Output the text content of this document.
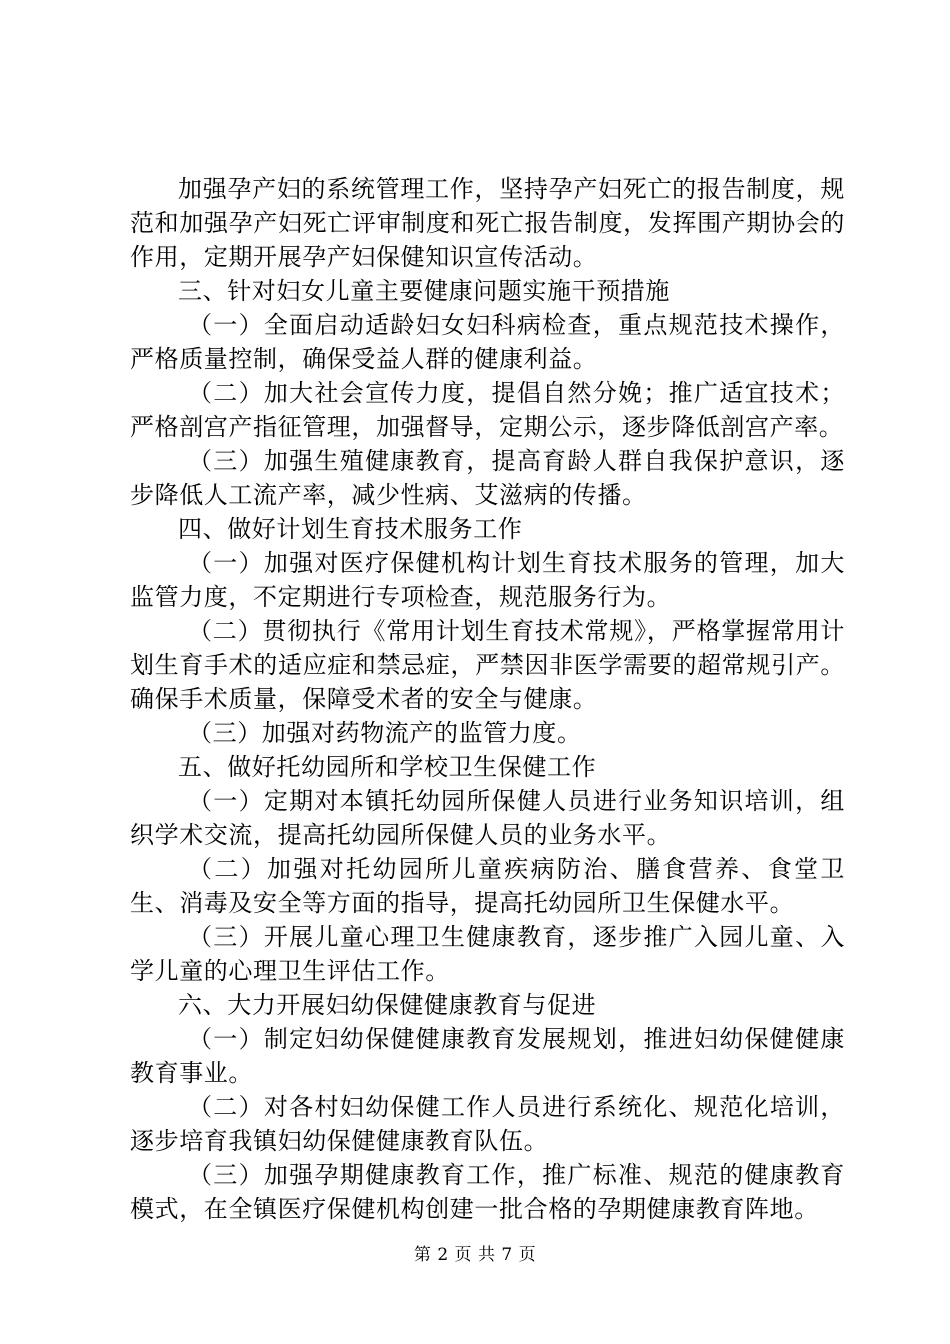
加强孕产妇的系统管理工作，坚持孕产妇死亡的报告制度，规范和加强孕产妇死亡评审制度和死亡报告制度，发挥围产期协会的作用，定期开展孕产妇保健知识宣传活动。

三、针对妇女儿童主要健康问题实施干预措施

（一）全面启动适龄妇女妇科病检查，重点规范技术操作，严格质量控制，确保受益人群的健康利益。

（二）加大社会宣传力度，提倡自然分娩；推广适宜技术；严格剖宫产指征管理，加强督导，定期公示，逐步降低剖宫产率。

（三）加强生殖健康教育，提高育龄人群自我保护意识，逐步降低人工流产率，减少性病、艾滋病的传播。

四、做好计划生育技术服务工作

（一）加强对医疗保健机构计划生育技术服务的管理，加大监管力度，不定期进行专项检查，规范服务行为。

（二）贯彻执行《常用计划生育技术常规》，严格掌握常用计划生育手术的适应症和禁忌症，严禁因非医学需要的超常规引产。确保手术质量，保障受术者的安全与健康。

（三）加强对药物流产的监管力度。

五、做好托幼园所和学校卫生保健工作

（一）定期对本镇托幼园所保健人员进行业务知识培训，组织学术交流，提高托幼园所保健人员的业务水平。

（二）加强对托幼园所儿童疾病防治、膳食营养、食堂卫生、消毒及安全等方面的指导，提高托幼园所卫生保健水平。

（三）开展儿童心理卫生健康教育，逐步推广入园儿童、入学儿童的心理卫生评估工作。

六、大力开展妇幼保健健康教育与促进

（一）制定妇幼保健健康教育发展规划，推进妇幼保健健康教育事业。

（二）对各村妇幼保健工作人员进行系统化、规范化培训，逐步培育我镇妇幼保健健康教育队伍。

（三）加强孕期健康教育工作，推广标准、规范的健康教育模式，在全镇医疗保健机构创建一批合格的孕期健康教育阵地。

第 2 页 共 7 页
